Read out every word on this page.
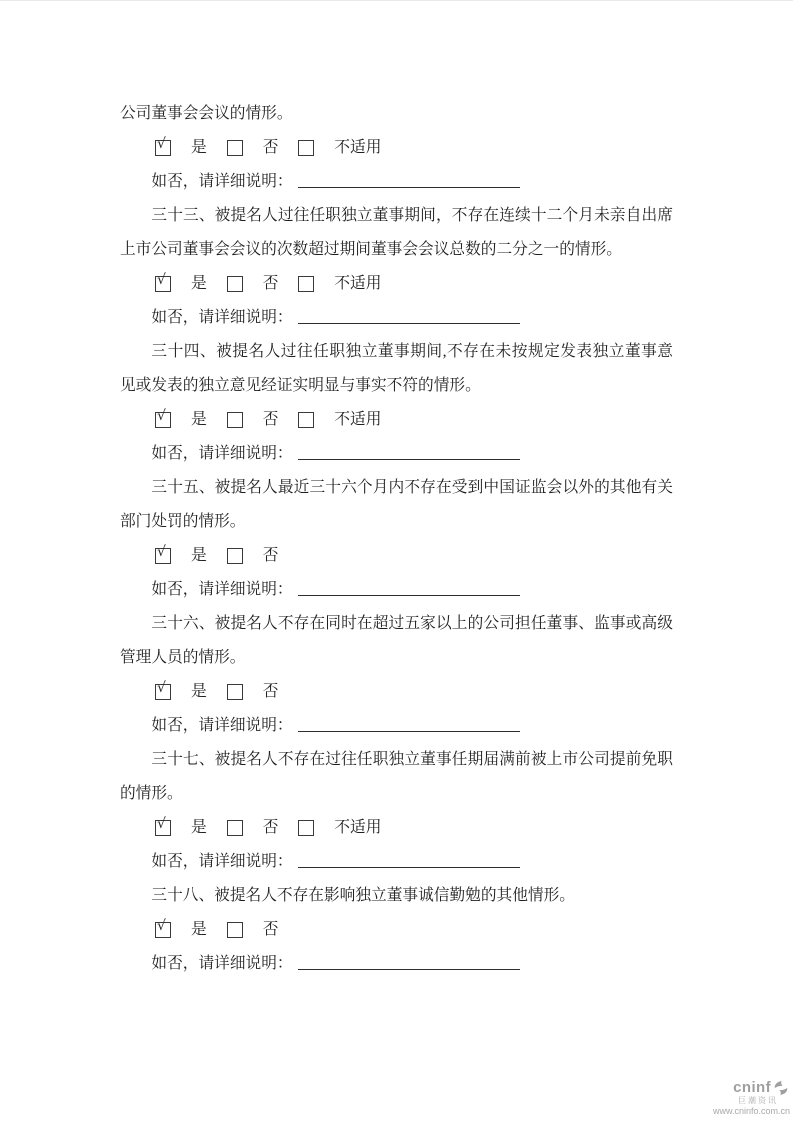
公司董事会会议的情形。
√ 是	否	不适用
如否，请详细说明：
三十三、被提名人过往任职独立董事期间，不存在连续十二个月未亲自出席
上市公司董事会会议的次数超过期间董事会会议总数的二分之一的情形。
√ 是	否	不适用
如否，请详细说明：
三十四、被提名人过往任职独立董事期间,不存在未按规定发表独立董事意
见或发表的独立意见经证实明显与事实不符的情形。
√ 是	否	不适用
如否，请详细说明：
三十五、被提名人最近三十六个月内不存在受到中国证监会以外的其他有关
部门处罚的情形。
√ 是	否
如否，请详细说明：
三十六、被提名人不存在同时在超过五家以上的公司担任董事、监事或高级
管理人员的情形。
√ 是	否
如否，请详细说明：
三十七、被提名人不存在过往任职独立董事任期届满前被上市公司提前免职
的情形。
√ 是	否	不适用
如否，请详细说明：
三十八、被提名人不存在影响独立董事诚信勤勉的其他情形。
√ 是	否
如否，请详细说明：
cninf
巨潮资讯
www.cninfo.com.cn
